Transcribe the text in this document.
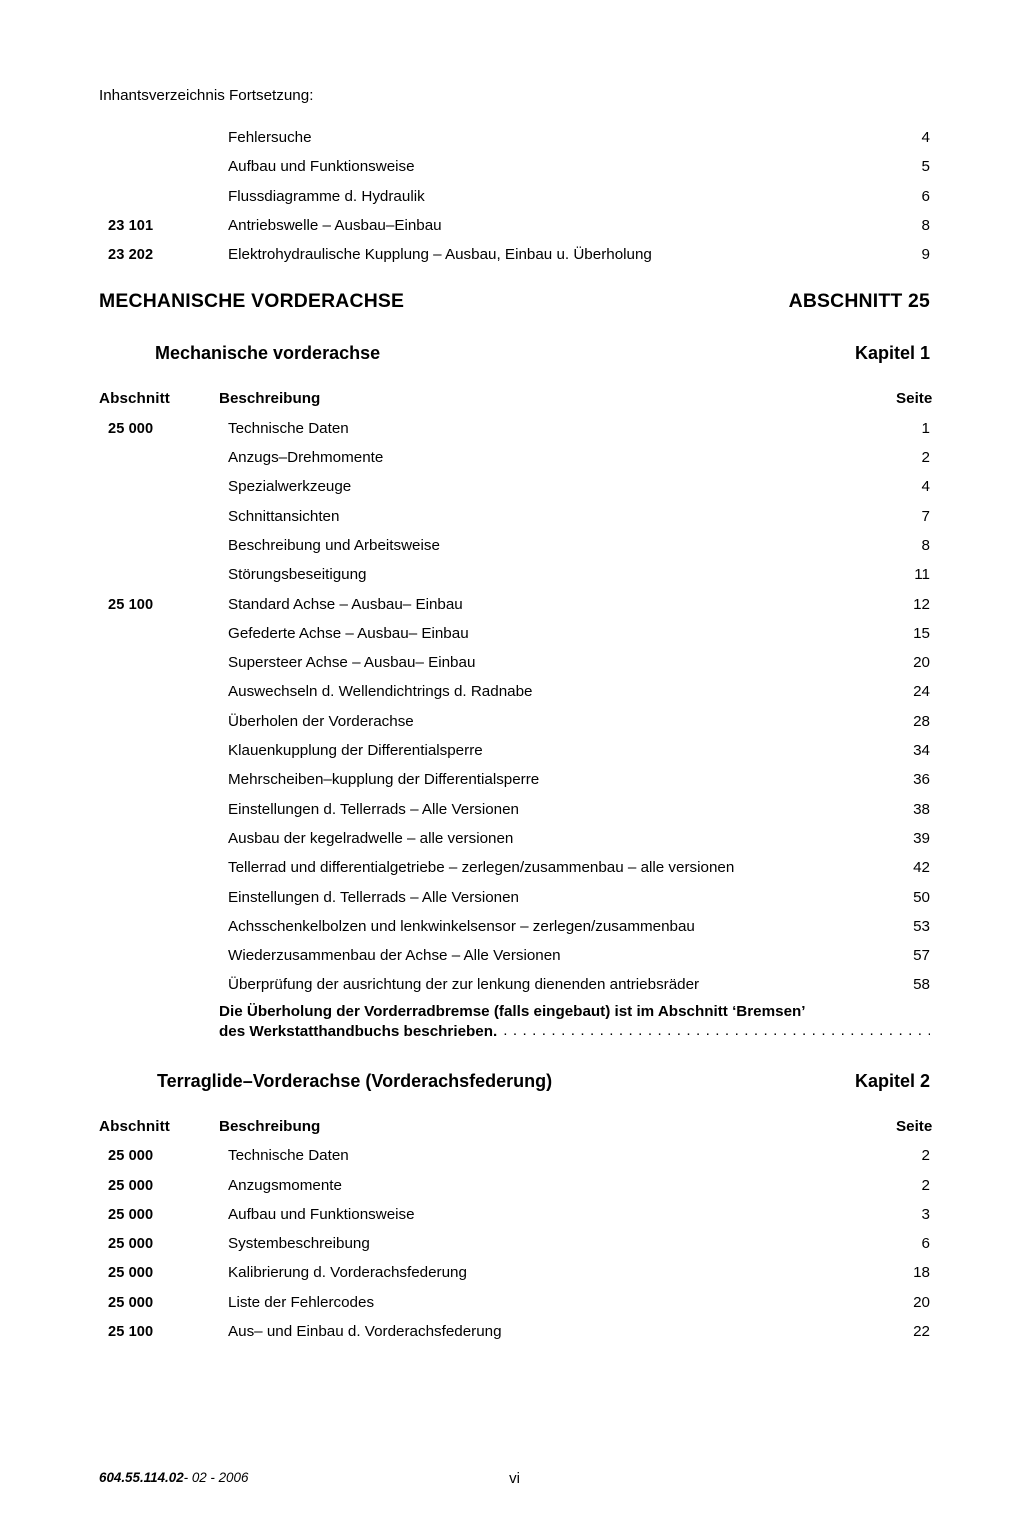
Inhantsverzeichnis Fortsetzung:
Fehlersuche . . .	4
Aufbau und Funktionsweise . . .	5
Flussdiagramme d. Hydraulik . . .	6
23 101	Antriebswelle – Ausbau–Einbau . . .	8
23 202	Elektrohydraulische Kupplung – Ausbau, Einbau u. Überholung . . .	9
MECHANISCHE VORDERACHSE	ABSCHNITT 25
Mechanische vorderachse	Kapitel 1
Abschnitt	Beschreibung	Seite
25 000	Technische Daten . . .	1
Anzugs–Drehmomente . . .	2
Spezialwerkzeuge . . .	4
Schnittansichten . . .	7
Beschreibung und Arbeitsweise . . .	8
Störungsbeseitigung . . .	11
25 100	Standard Achse – Ausbau– Einbau . . .	12
Gefederte Achse – Ausbau– Einbau . . .	15
Supersteer Achse – Ausbau– Einbau . . .	20
Auswechseln d. Wellendichtrings d. Radnabe . . .	24
Überholen der Vorderachse . . .	28
Klauenkupplung der Differentialsperre . . .	34
Mehrscheiben–kupplung der Differentialsperre . . .	36
Einstellungen d. Tellerrads – Alle Versionen . . .	38
Ausbau der kegelradwelle – alle versionen . . .	39
Tellerrad und differentialgetriebe – zerlegen/zusammenbau – alle versionen . . .	42
Einstellungen d. Tellerrads – Alle Versionen . . .	50
Achsschenkelbolzen und lenkwinkelsensor – zerlegen/zusammenbau . . .	53
Wiederzusammenbau der Achse – Alle Versionen . . .	57
Überprüfung der ausrichtung der zur lenkung dienenden antriebsräder . . .	58
Die Überholung der Vorderradbremse (falls eingebaut) ist im Abschnitt ‘Bremsen’
des Werkstatthandbuchs beschrieben.
. . .
Terraglide–Vorderachse (Vorderachsfederung)	Kapitel 2
Abschnitt	Beschreibung	Seite
25 000	Technische Daten . . .	2
25 000	Anzugsmomente . . .	2
25 000	Aufbau und Funktionsweise . . .	3
25 000	Systembeschreibung . . .	6
25 000	Kalibrierung d. Vorderachsfederung . . .	18
25 000	Liste der Fehlercodes . . .	20
25 100	Aus– und Einbau d. Vorderachsfederung . . .	22
604.55.114.02 - 02 - 2006	vi
